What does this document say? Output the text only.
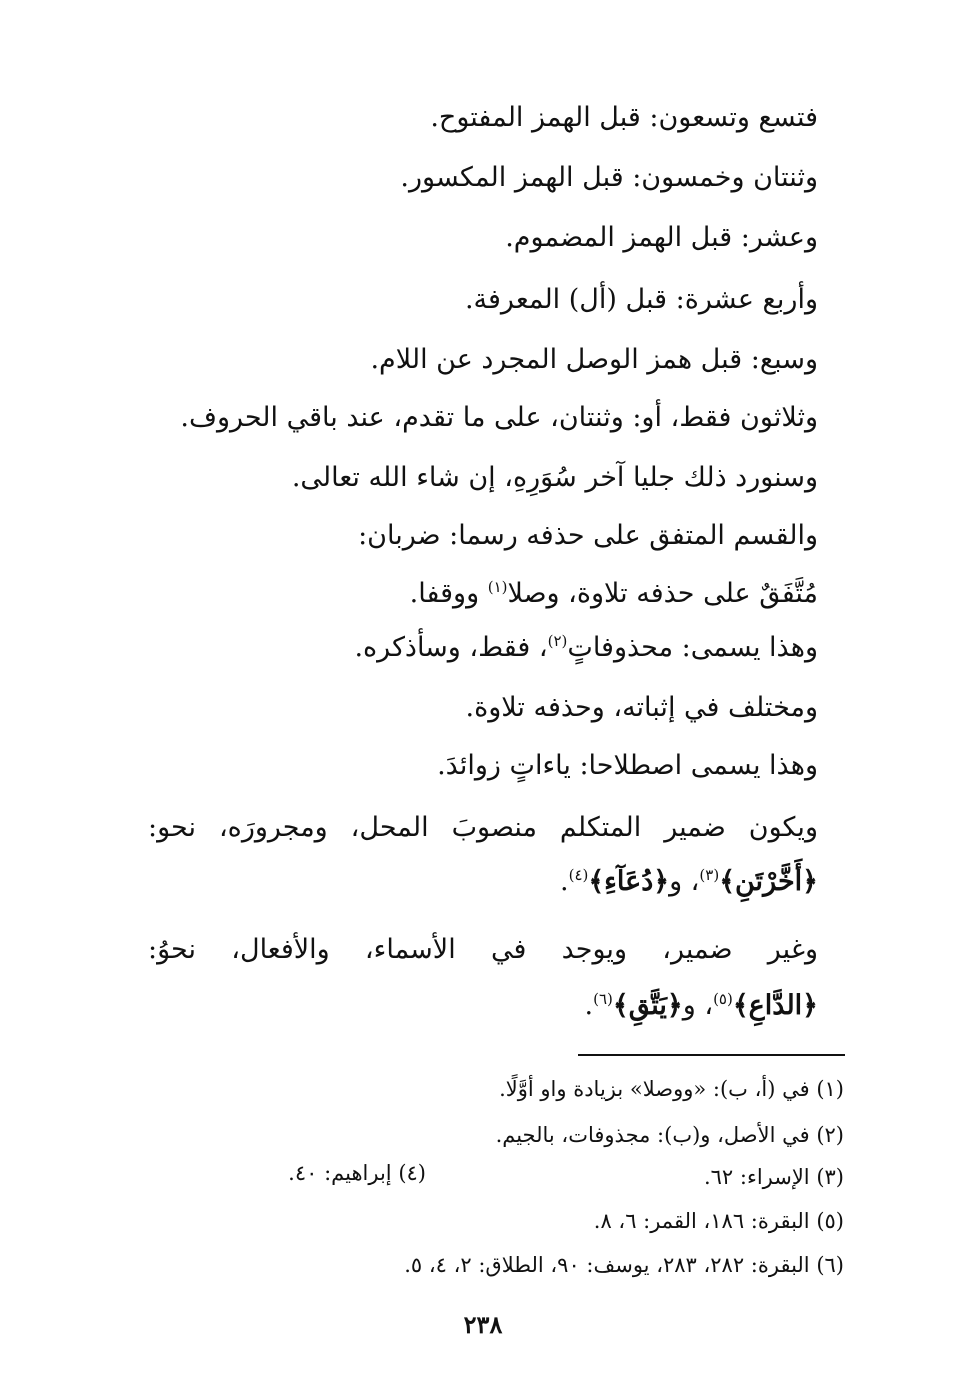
فتسع وتسعون: قبل الهمز المفتوح.
وثنتان وخمسون: قبل الهمز المكسور.
وعشر: قبل الهمز المضموم.
وأربع عشرة: قبل (أل) المعرفة.
وسبع: قبل همز الوصل المجرد عن اللام.
وثلاثون فقط، أو: وثنتان، على ما تقدم، عند باقي الحروف.
وسنورد ذلك جليا آخر سُوَرِهِ، إن شاء الله تعالى.
والقسم المتفق على حذفه رسما: ضربان:
مُتَّفَقٌ على حذفه تلاوة، وصلا$^{(١)}$ ووقفا.
وهذا يسمى: محذوفاتٍ$^{(٢)}$، فقط، وسأذكره.
ومختلف في إثباته، وحذفه تلاوة.
وهذا يسمى اصطلاحا: ياءاتٍ زوائدَ.
ويكون ضمير المتكلم منصوبَ المحل، ومجرورَه، نحو:
﴿أَخَّرْتَنِ﴾$^{(٣)}$، و﴿دُعَآءِ﴾$^{(٤)}$.
وغير ضمير، ويوجد في الأسماء، والأفعال، نحوُ:
﴿الدَّاعِ﴾$^{(٥)}$، و﴿يَتَّقِ﴾$^{(٦)}$.
(١) في (أ، ب): «ووصلا» بزيادة واو أوَّلًا.
(٢) في الأصل، و(ب): مجذوفات، بالجيم.
(٣) الإسراء: ٦٢.
(٤) إبراهيم: ٤٠.
(٥) البقرة: ١٨٦، القمر: ٦، ٨.
(٦) البقرة: ٢٨٢، ٢٨٣، يوسف: ٩٠، الطلاق: ٢، ٤، ٥.
٢٣٨
